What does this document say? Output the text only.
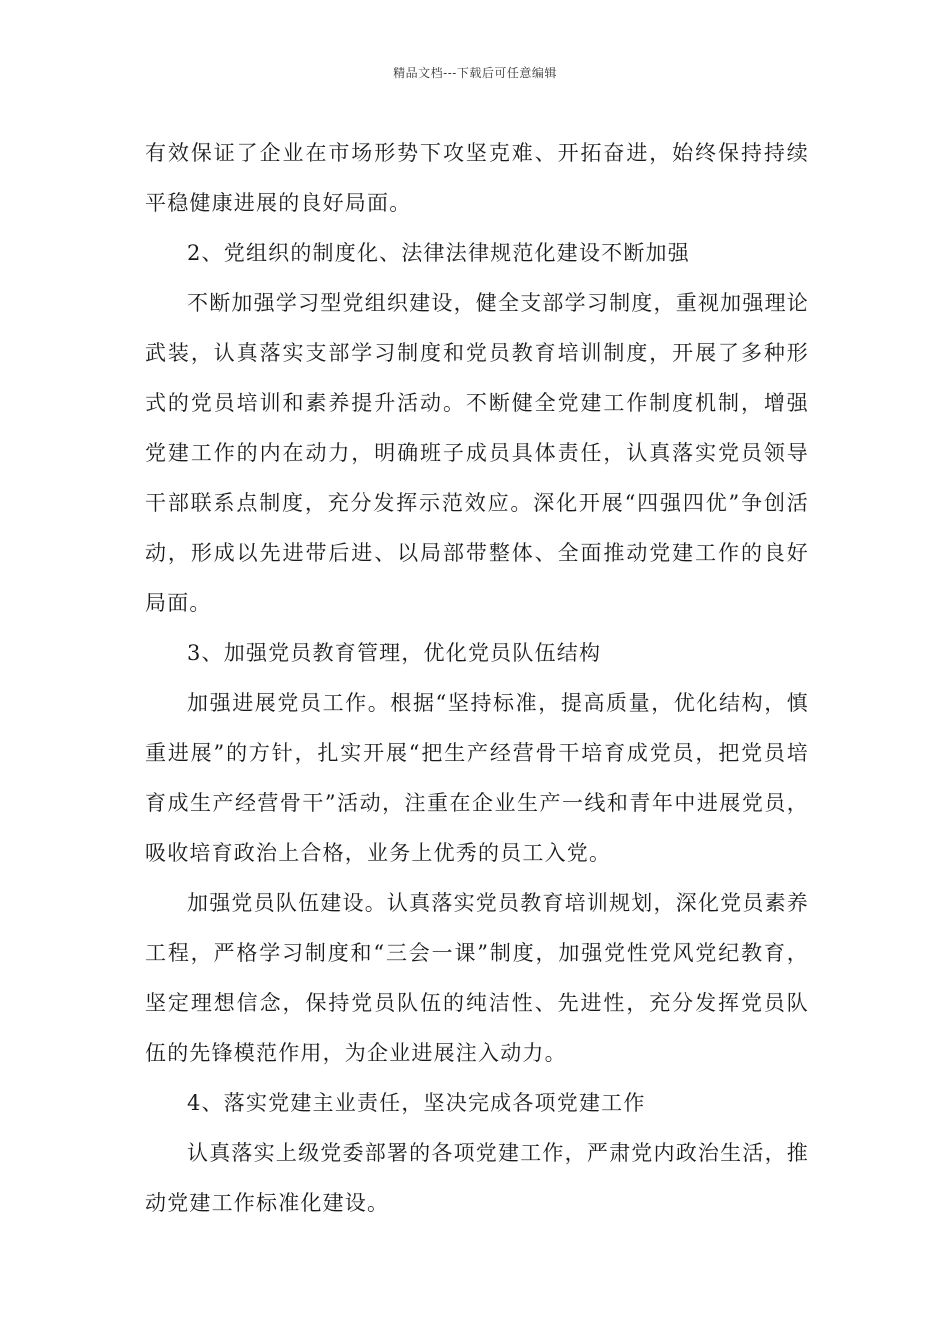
精品文档---下载后可任意编辑

有效保证了企业在市场形势下攻坚克难、开拓奋进，始终保持持续平稳健康进展的良好局面。

2、党组织的制度化、法律法律规范化建设不断加强

不断加强学习型党组织建设，健全支部学习制度，重视加强理论武装，认真落实支部学习制度和党员教育培训制度，开展了多种形式的党员培训和素养提升活动。不断健全党建工作制度机制，增强党建工作的内在动力，明确班子成员具体责任，认真落实党员领导干部联系点制度，充分发挥示范效应。深化开展“四强四优”争创活动，形成以先进带后进、以局部带整体、全面推动党建工作的良好局面。

3、加强党员教育管理，优化党员队伍结构

加强进展党员工作。根据“坚持标准，提高质量，优化结构，慎重进展”的方针，扎实开展“把生产经营骨干培育成党员，把党员培育成生产经营骨干”活动，注重在企业生产一线和青年中进展党员，吸收培育政治上合格，业务上优秀的员工入党。

加强党员队伍建设。认真落实党员教育培训规划，深化党员素养工程，严格学习制度和“三会一课”制度，加强党性党风党纪教育，坚定理想信念，保持党员队伍的纯洁性、先进性，充分发挥党员队伍的先锋模范作用，为企业进展注入动力。

4、落实党建主业责任，坚决完成各项党建工作

认真落实上级党委部署的各项党建工作，严肃党内政治生活，推动党建工作标准化建设。
